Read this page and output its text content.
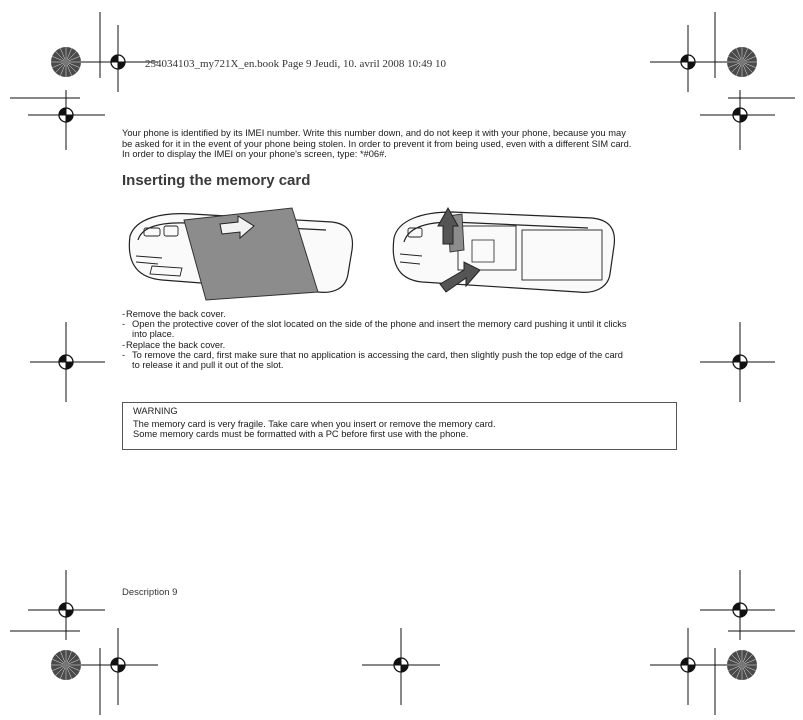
254034103_my721X_en.book Page 9 Jeudi, 10. avril 2008 10:49 10
Your phone is identified by its IMEI number. Write this number down, and do not keep it with your phone, because you may
be asked for it in the event of your phone being stolen. In order to prevent it from being used, even with a different SIM card.
In order to display the IMEI on your phone's screen, type: *#06#.
Inserting the memory card
- Remove the back cover.
- Open the protective cover of the slot located on the side of the phone and insert the memory card pushing it until it clicks
into place.
- Replace the back cover.
- To remove the card, first make sure that no application is accessing the card, then slightly push the top edge of the card
to release it and pull it out of the slot.
WARNING
The memory card is very fragile. Take care when you insert or remove the memory card.
Some memory cards must be formatted with a PC before first use with the phone.
Description 9
